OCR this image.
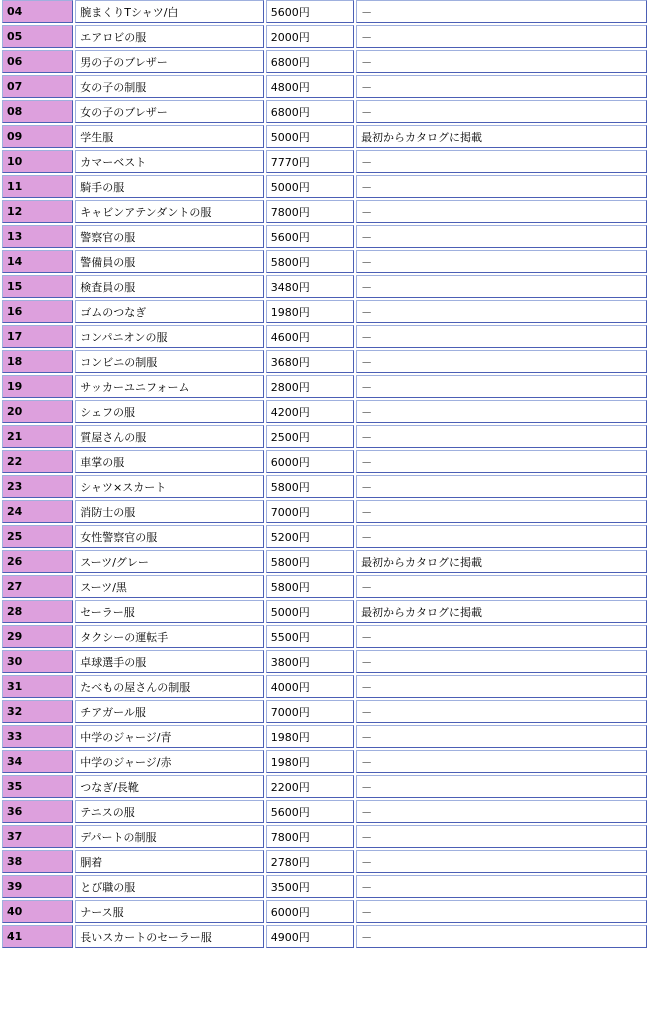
04	腕まくりTシャツ/白	5600円	－
05	エアロビの服	2000円	－
06	男の子のブレザー	6800円	－
07	女の子の制服	4800円	－
08	女の子のブレザー	6800円	－
09	学生服	5000円	最初からカタログに掲載
10	カマーベスト	7770円	－
11	騎手の服	5000円	－
12	キャビンアテンダントの服	7800円	－
13	警察官の服	5600円	－
14	警備員の服	5800円	－
15	検査員の服	3480円	－
16	ゴムのつなぎ	1980円	－
17	コンパニオンの服	4600円	－
18	コンビニの制服	3680円	－
19	サッカーユニフォーム	2800円	－
20	シェフの服	4200円	－
21	質屋さんの服	2500円	－
22	車掌の服	6000円	－
23	シャツ×スカート	5800円	－
24	消防士の服	7000円	－
25	女性警察官の服	5200円	－
26	スーツ/グレー	5800円	最初からカタログに掲載
27	スーツ/黒	5800円	－
28	セーラー服	5000円	最初からカタログに掲載
29	タクシーの運転手	5500円	－
30	卓球選手の服	3800円	－
31	たべもの屋さんの制服	4000円	－
32	チアガール服	7000円	－
33	中学のジャージ/青	1980円	－
34	中学のジャージ/赤	1980円	－
35	つなぎ/長靴	2200円	－
36	テニスの服	5600円	－
37	デパートの制服	7800円	－
38	胴着	2780円	－
39	とび職の服	3500円	－
40	ナース服	6000円	－
41	長いスカートのセーラー服	4900円	－
